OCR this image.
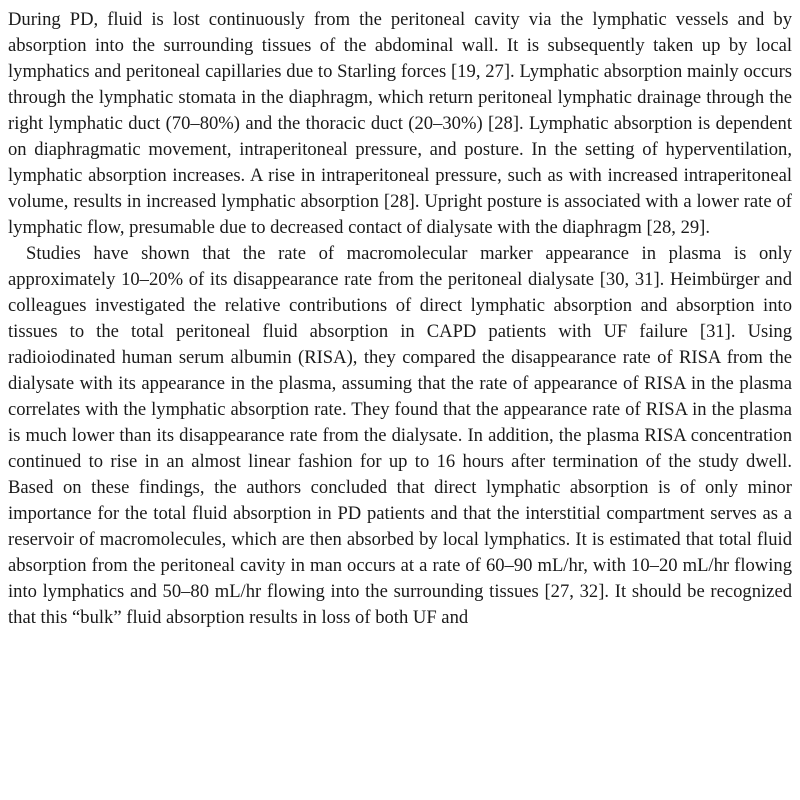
During PD, fluid is lost continuously from the peritoneal cavity via the lymphatic vessels and by absorption into the surrounding tissues of the abdominal wall. It is subsequently taken up by local lymphatics and peritoneal capillaries due to Starling forces [19, 27]. Lymphatic absorption mainly occurs through the lymphatic stomata in the diaphragm, which return peritoneal lymphatic drainage through the right lymphatic duct (70–80%) and the thoracic duct (20–30%) [28]. Lymphatic absorption is dependent on diaphragmatic movement, intraperitoneal pressure, and posture. In the setting of hyperventilation, lymphatic absorption increases. A rise in intraperitoneal pressure, such as with increased intraperitoneal volume, results in increased lymphatic absorption [28]. Upright posture is associated with a lower rate of lymphatic flow, presumable due to decreased contact of dialysate with the diaphragm [28, 29].

Studies have shown that the rate of macromolecular marker appearance in plasma is only approximately 10–20% of its disappearance rate from the peritoneal dialysate [30, 31]. Heimbürger and colleagues investigated the relative contributions of direct lymphatic absorption and absorption into tissues to the total peritoneal fluid absorption in CAPD patients with UF failure [31]. Using radioiodinated human serum albumin (RISA), they compared the disappearance rate of RISA from the dialysate with its appearance in the plasma, assuming that the rate of appearance of RISA in the plasma correlates with the lymphatic absorption rate. They found that the appearance rate of RISA in the plasma is much lower than its disappearance rate from the dialysate. In addition, the plasma RISA concentration continued to rise in an almost linear fashion for up to 16 hours after termination of the study dwell. Based on these findings, the authors concluded that direct lymphatic absorption is of only minor importance for the total fluid absorption in PD patients and that the interstitial compartment serves as a reservoir of macromolecules, which are then absorbed by local lymphatics. It is estimated that total fluid absorption from the peritoneal cavity in man occurs at a rate of 60–90 mL/hr, with 10–20 mL/hr flowing into lymphatics and 50–80 mL/hr flowing into the surrounding tissues [27, 32]. It should be recognized that this “bulk” fluid absorption results in loss of both UF and
